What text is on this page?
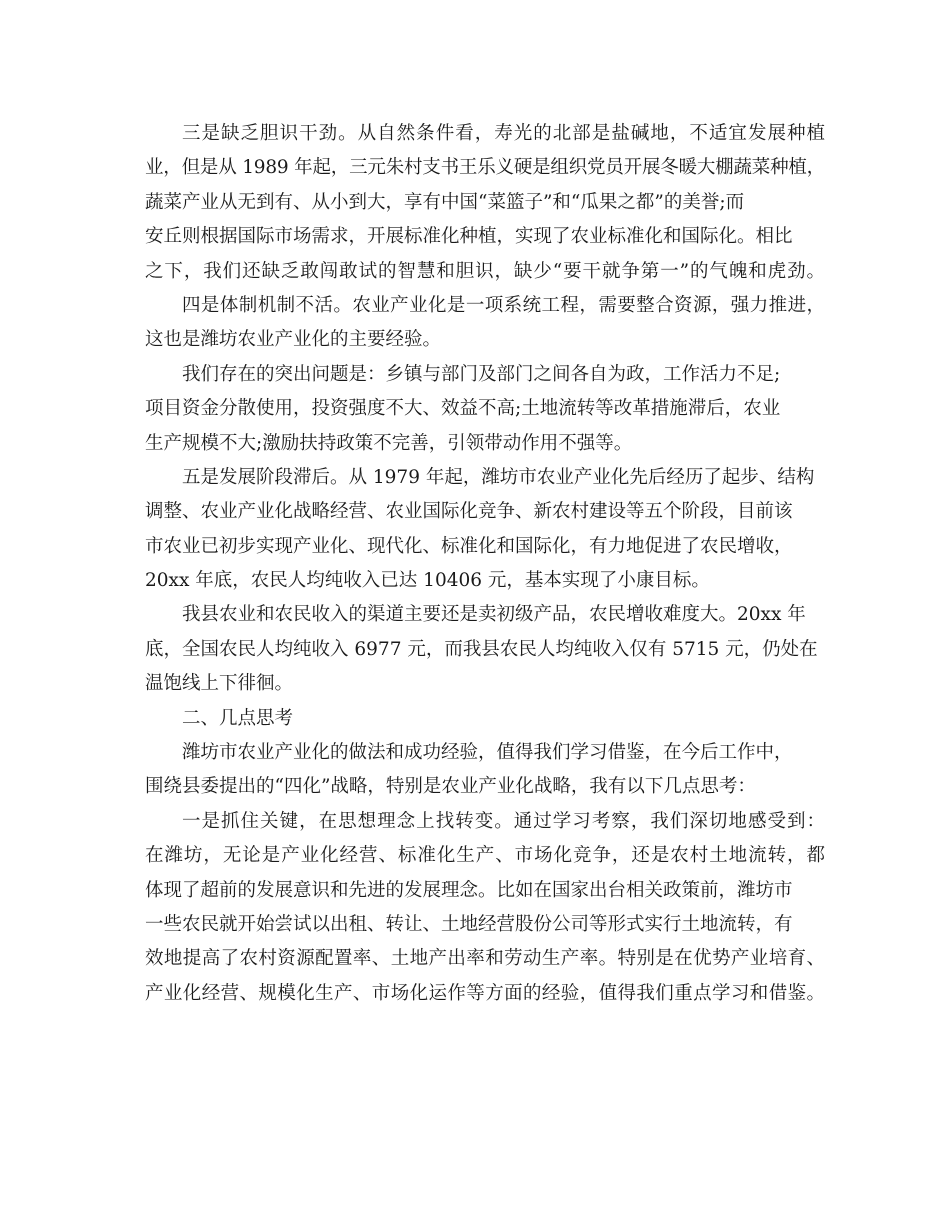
三是缺乏胆识干劲。从自然条件看，寿光的北部是盐碱地，不适宜发展种植
业，但是从 1989 年起，三元朱村支书王乐义硬是组织党员开展冬暖大棚蔬菜种植，
蔬菜产业从无到有、从小到大，享有中国“菜篮子”和“瓜果之都”的美誉;而
安丘则根据国际市场需求，开展标准化种植，实现了农业标准化和国际化。相比
之下，我们还缺乏敢闯敢试的智慧和胆识，缺少“要干就争第一”的气魄和虎劲。
四是体制机制不活。农业产业化是一项系统工程，需要整合资源，强力推进，
这也是潍坊农业产业化的主要经验。
我们存在的突出问题是：乡镇与部门及部门之间各自为政，工作活力不足;
项目资金分散使用，投资强度不大、效益不高;土地流转等改革措施滞后，农业
生产规模不大;激励扶持政策不完善，引领带动作用不强等。
五是发展阶段滞后。从 1979 年起，潍坊市农业产业化先后经历了起步、结构
调整、农业产业化战略经营、农业国际化竞争、新农村建设等五个阶段，目前该
市农业已初步实现产业化、现代化、标准化和国际化，有力地促进了农民增收，
20xx 年底，农民人均纯收入已达 10406 元，基本实现了小康目标。
我县农业和农民收入的渠道主要还是卖初级产品，农民增收难度大。20xx 年
底，全国农民人均纯收入 6977 元，而我县农民人均纯收入仅有 5715 元，仍处在
温饱线上下徘徊。
二、几点思考
潍坊市农业产业化的做法和成功经验，值得我们学习借鉴，在今后工作中，
围绕县委提出的“四化”战略，特别是农业产业化战略，我有以下几点思考：
一是抓住关键，在思想理念上找转变。通过学习考察，我们深切地感受到：
在潍坊，无论是产业化经营、标准化生产、市场化竞争，还是农村土地流转，都
体现了超前的发展意识和先进的发展理念。比如在国家出台相关政策前，潍坊市
一些农民就开始尝试以出租、转让、土地经营股份公司等形式实行土地流转，有
效地提高了农村资源配置率、土地产出率和劳动生产率。特别是在优势产业培育、
产业化经营、规模化生产、市场化运作等方面的经验，值得我们重点学习和借鉴。
